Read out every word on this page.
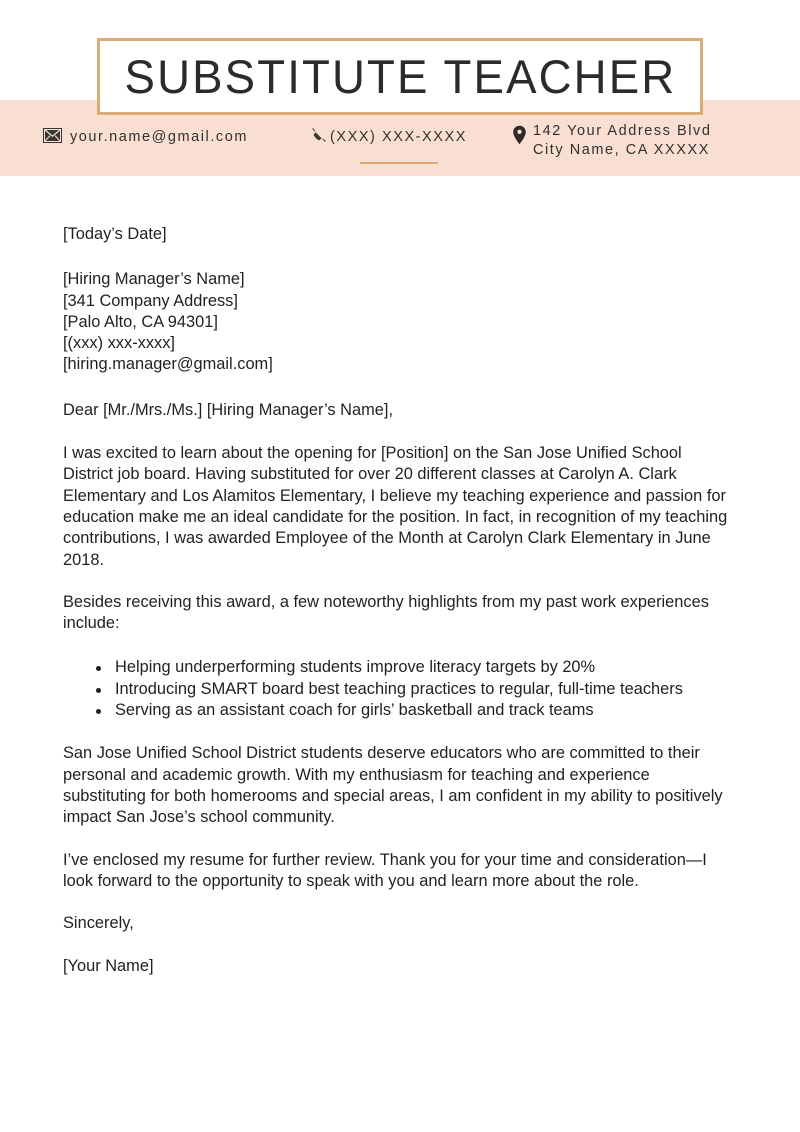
SUBSTITUTE TEACHER
your.name@gmail.com	(XXX) XXX-XXXX	142 Your Address Blvd
City Name, CA XXXXX

[Today’s Date]

[Hiring Manager’s Name]
[341 Company Address]
[Palo Alto, CA 94301]
[(xxx) xxx-xxxx]
[hiring.manager@gmail.com]

Dear [Mr./Mrs./Ms.] [Hiring Manager’s Name],

I was excited to learn about the opening for [Position] on the San Jose Unified School District job board. Having substituted for over 20 different classes at Carolyn A. Clark Elementary and Los Alamitos Elementary, I believe my teaching experience and passion for education make me an ideal candidate for the position. In fact, in recognition of my teaching contributions, I was awarded Employee of the Month at Carolyn Clark Elementary in June 2018.

Besides receiving this award, a few noteworthy highlights from my past work experiences include:

Helping underperforming students improve literacy targets by 20%
Introducing SMART board best teaching practices to regular, full-time teachers
Serving as an assistant coach for girls’ basketball and track teams

San Jose Unified School District students deserve educators who are committed to their personal and academic growth. With my enthusiasm for teaching and experience substituting for both homerooms and special areas, I am confident in my ability to positively impact San Jose’s school community.

I’ve enclosed my resume for further review. Thank you for your time and consideration—I look forward to the opportunity to speak with you and learn more about the role.

Sincerely,

[Your Name]
